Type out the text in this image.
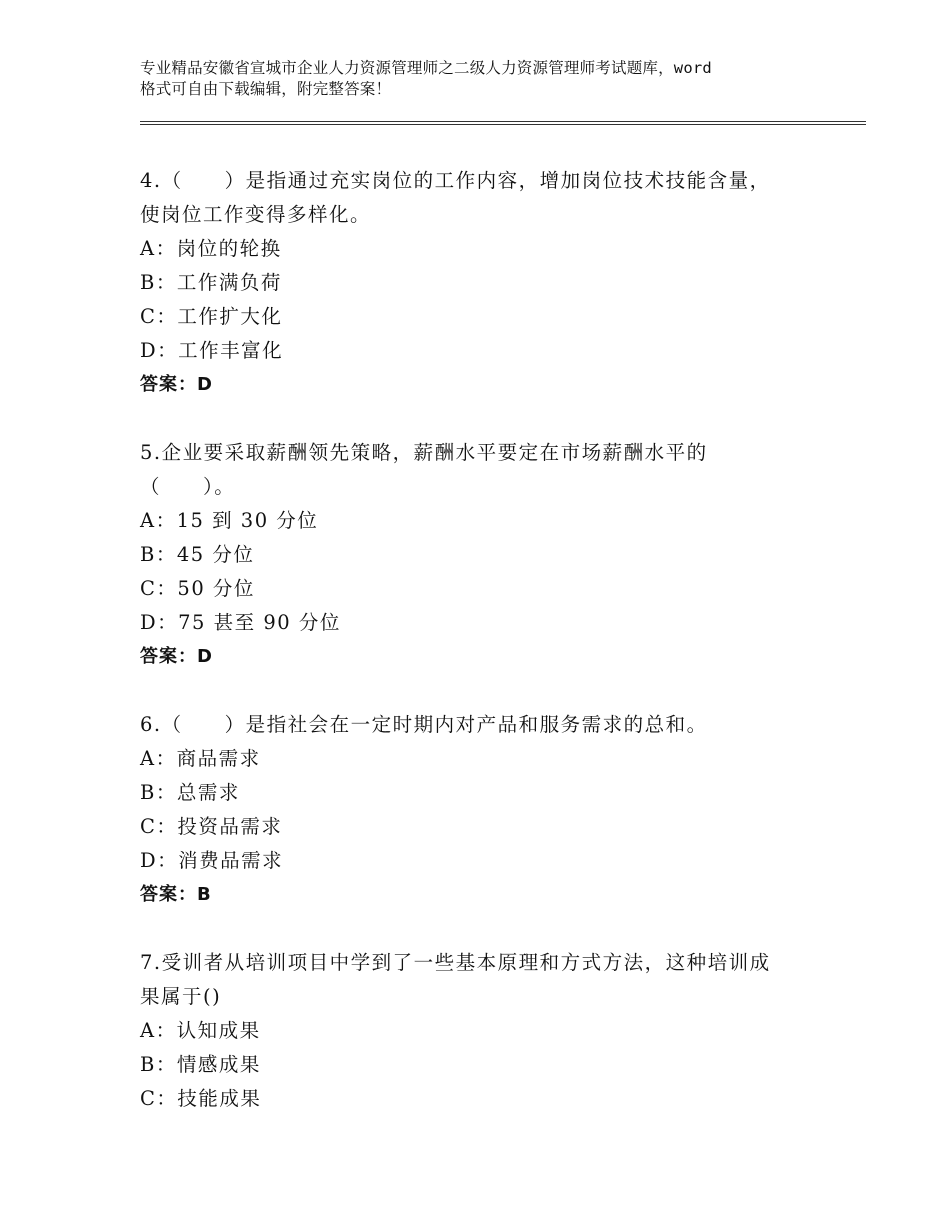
专业精品安徽省宣城市企业人力资源管理师之二级人力资源管理师考试题库，word
格式可自由下载编辑，附完整答案！
4.（　　）是指通过充实岗位的工作内容，增加岗位技术技能含量，
使岗位工作变得多样化。
A：岗位的轮换
B：工作满负荷
C：工作扩大化
D：工作丰富化
答案：D
5.企业要采取薪酬领先策略，薪酬水平要定在市场薪酬水平的
（　　）。
A：15 到 30 分位
B：45 分位
C：50 分位
D：75 甚至 90 分位
答案：D
6.（　　）是指社会在一定时期内对产品和服务需求的总和。
A：商品需求
B：总需求
C：投资品需求
D：消费品需求
答案：B
7.受训者从培训项目中学到了一些基本原理和方式方法，这种培训成
果属于()
A：认知成果
B：情感成果
C：技能成果
